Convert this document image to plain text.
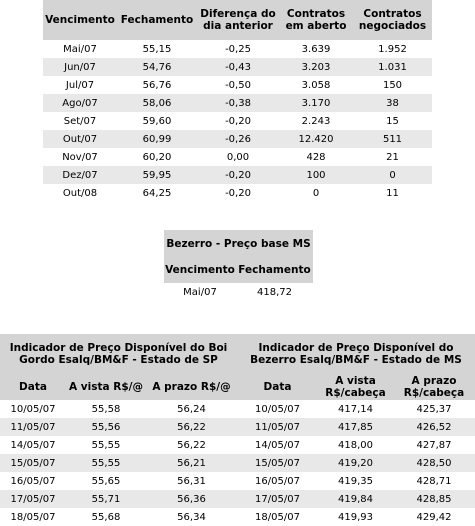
Vencimento	Fechamento	Diferença do dia anterior	Contratos em aberto	Contratos negociados
Mai/07	55,15	-0,25	3.639	1.952
Jun/07	54,76	-0,43	3.203	1.031
Jul/07	56,76	-0,50	3.058	150
Ago/07	58,06	-0,38	3.170	38
Set/07	59,60	-0,20	2.243	15
Out/07	60,99	-0,26	12.420	511
Nov/07	60,20	0,00	428	21
Dez/07	59,95	-0,20	100	0
Out/08	64,25	-0,20	0	11
Bezerro - Preço base MS	
Vencimento	Fechamento
Mai/07	418,72
Indicador de Preço Disponível do Boi Gordo Esalq/BM&F - Estado de SP			Indicador de Preço Disponível do Bezerro Esalq/BM&F - Estado de MS		
Data	A vista R$/@	A prazo R$/@	Data	A vista R$/cabeça	A prazo R$/cabeça
10/05/07	55,58	56,24	10/05/07	417,14	425,37
11/05/07	55,56	56,22	11/05/07	417,85	426,52
14/05/07	55,55	56,22	14/05/07	418,00	427,87
15/05/07	55,55	56,21	15/05/07	419,20	428,50
16/05/07	55,65	56,31	16/05/07	419,35	428,71
17/05/07	55,71	56,36	17/05/07	419,84	428,85
18/05/07	55,68	56,34	18/05/07	419,93	429,42
